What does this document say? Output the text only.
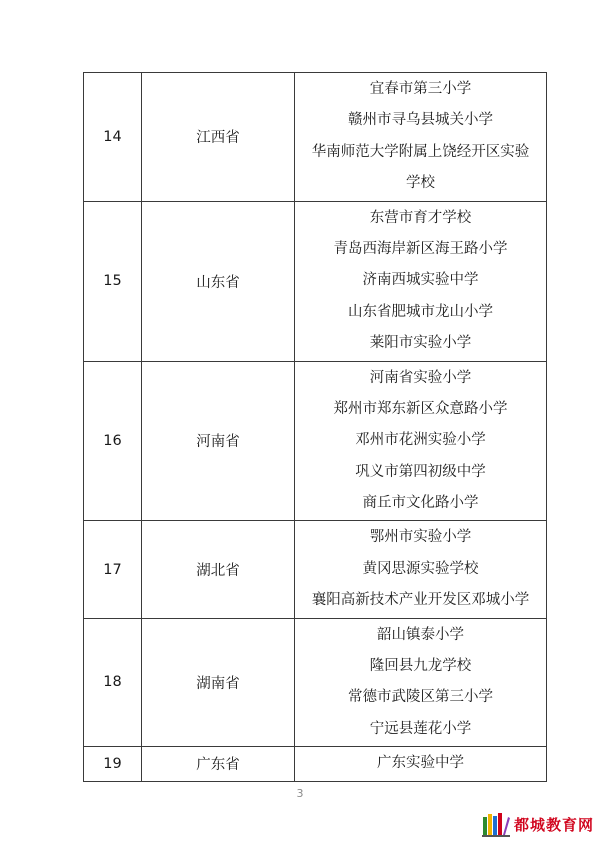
14	江西省	宜春市第三小学
赣州市寻乌县城关小学
华南师范大学附属上饶经开区实验
学校

15	山东省	东营市育才学校
青岛西海岸新区海王路小学
济南西城实验中学
山东省肥城市龙山小学
莱阳市实验小学

16	河南省	河南省实验小学
郑州市郑东新区众意路小学
邓州市花洲实验小学
巩义市第四初级中学
商丘市文化路小学

17	湖北省	鄂州市实验小学
黄冈思源实验学校
襄阳高新技术产业开发区邓城小学

18	湖南省	韶山镇泰小学
隆回县九龙学校
常德市武陵区第三小学
宁远县莲花小学

19	广东省	广东实验中学
3
都城教育网
